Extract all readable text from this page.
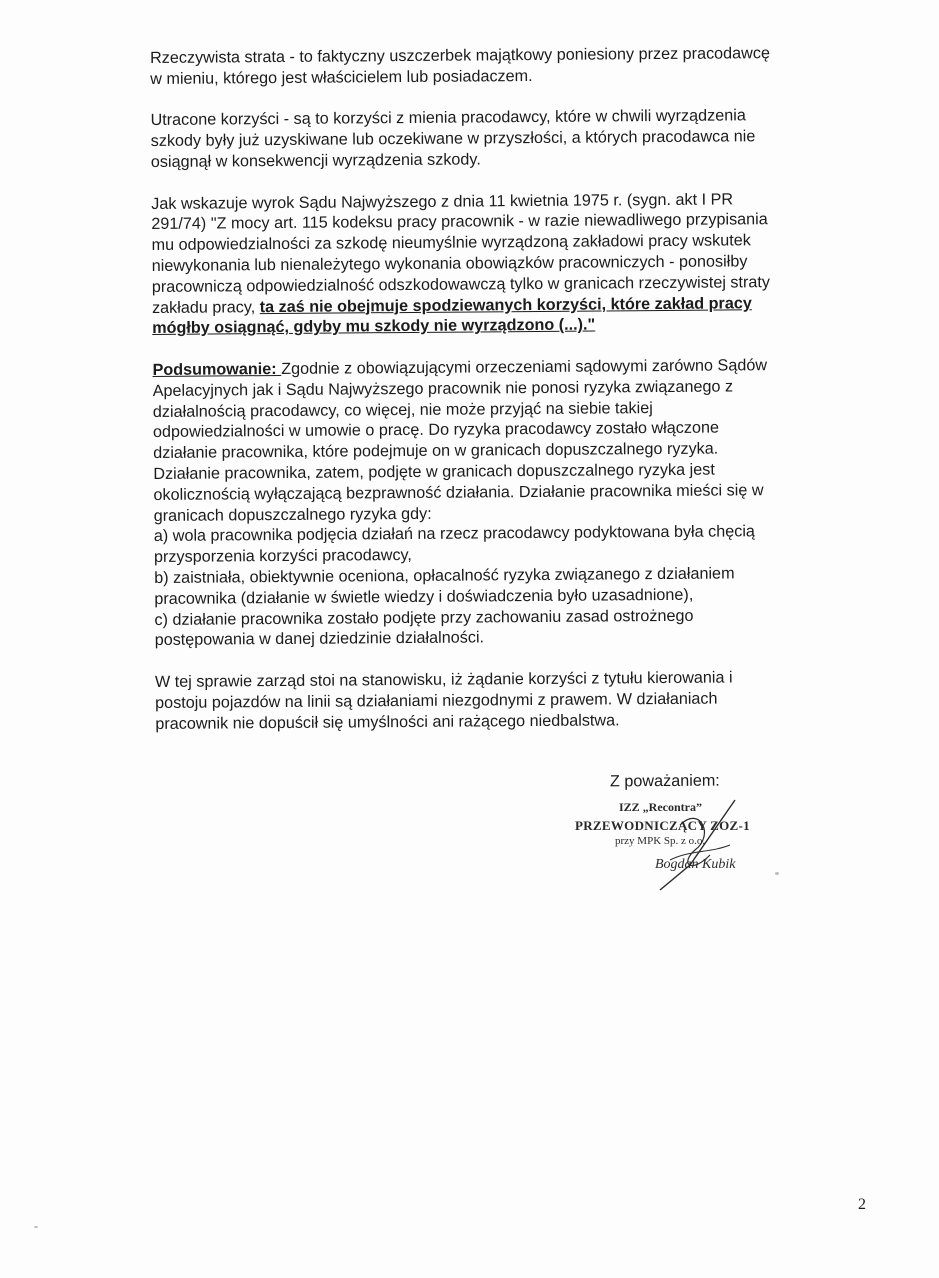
Rzeczywista strata - to faktyczny uszczerbek majątkowy poniesiony przez pracodawcę
w mieniu, którego jest właścicielem lub posiadaczem.

Utracone korzyści - są to korzyści z mienia pracodawcy, które w chwili wyrządzenia
szkody były już uzyskiwane lub oczekiwane w przyszłości, a których pracodawca nie
osiągnął w konsekwencji wyrządzenia szkody.

Jak wskazuje wyrok Sądu Najwyższego z dnia 11 kwietnia 1975 r. (sygn. akt I PR
291/74) "Z mocy art. 115 kodeksu pracy pracownik - w razie niewadliwego przypisania
mu odpowiedzialności za szkodę nieumyślnie wyrządzoną zakładowi pracy wskutek
niewykonania lub nienależytego wykonania obowiązków pracowniczych - ponosiłby
pracowniczą odpowiedzialność odszkodowawczą tylko w granicach rzeczywistej straty
zakładu pracy, ta zaś nie obejmuje spodziewanych korzyści, które zakład pracy
mógłby osiągnąć, gdyby mu szkody nie wyrządzono (...)."

Podsumowanie: Zgodnie z obowiązującymi orzeczeniami sądowymi zarówno Sądów
Apelacyjnych jak i Sądu Najwyższego pracownik nie ponosi ryzyka związanego z
działalnością pracodawcy, co więcej, nie może przyjąć na siebie takiej
odpowiedzialności w umowie o pracę. Do ryzyka pracodawcy zostało włączone
działanie pracownika, które podejmuje on w granicach dopuszczalnego ryzyka.
Działanie pracownika, zatem, podjęte w granicach dopuszczalnego ryzyka jest
okolicznością wyłączającą bezprawność działania. Działanie pracownika mieści się w
granicach dopuszczalnego ryzyka gdy:
a) wola pracownika podjęcia działań na rzecz pracodawcy podyktowana była chęcią
przysporzenia korzyści pracodawcy,
b) zaistniała, obiektywnie oceniona, opłacalność ryzyka związanego z działaniem
pracownika (działanie w świetle wiedzy i doświadczenia było uzasadnione),
c) działanie pracownika zostało podjęte przy zachowaniu zasad ostrożnego
postępowania w danej dziedzinie działalności.

W tej sprawie zarząd stoi na stanowisku, iż żądanie korzyści z tytułu kierowania i
postoju pojazdów na linii są działaniami niezgodnymi z prawem. W działaniach
pracownik nie dopuścił się umyślności ani rażącego niedbalstwa.

Z poważaniem:
IZZ „Recontra”
PRZEWODNICZĄCY ZOZ-1
przy MPK Sp. z o.o.
Bogdan Kubik
2
